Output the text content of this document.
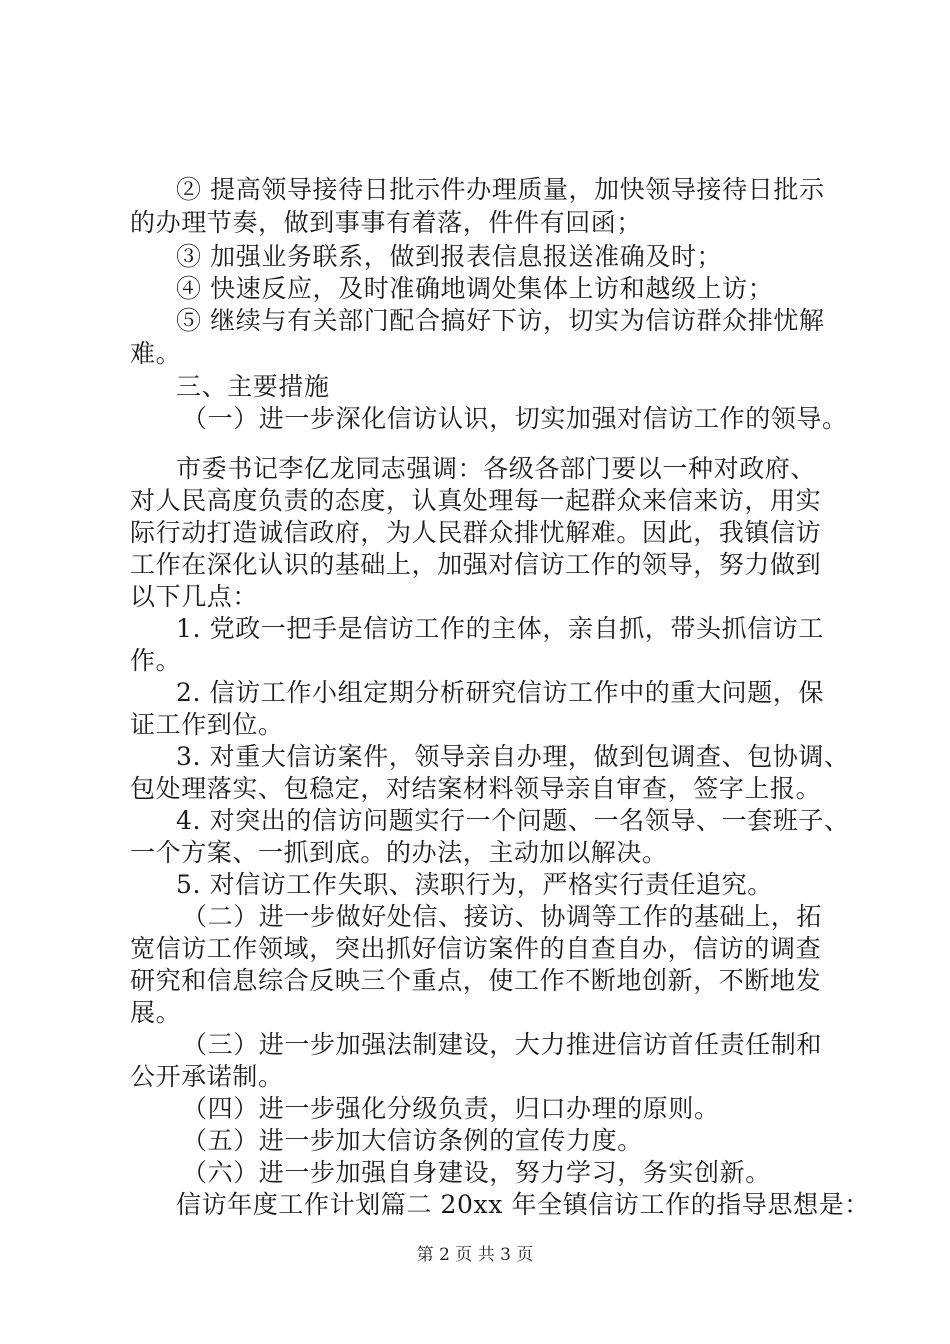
② 提高领导接待日批示件办理质量，加快领导接待日批示
的办理节奏，做到事事有着落，件件有回函；
③ 加强业务联系，做到报表信息报送准确及时；
④ 快速反应，及时准确地调处集体上访和越级上访；
⑤ 继续与有关部门配合搞好下访，切实为信访群众排忧解
难。
三、主要措施
（一）进一步深化信访认识，切实加强对信访工作的领导。
市委书记李亿龙同志强调：各级各部门要以一种对政府、
对人民高度负责的态度，认真处理每一起群众来信来访，用实
际行动打造诚信政府，为人民群众排忧解难。因此，我镇信访
工作在深化认识的基础上，加强对信访工作的领导，努力做到
以下几点：
1. 党政一把手是信访工作的主体，亲自抓，带头抓信访工
作。
2. 信访工作小组定期分析研究信访工作中的重大问题，保
证工作到位。
3. 对重大信访案件，领导亲自办理，做到包调查、包协调、
包处理落实、包稳定，对结案材料领导亲自审查，签字上报。
4. 对突出的信访问题实行一个问题、一名领导、一套班子、
一个方案、一抓到底。的办法，主动加以解决。
5. 对信访工作失职、渎职行为，严格实行责任追究。
（二）进一步做好处信、接访、协调等工作的基础上，拓
宽信访工作领域，突出抓好信访案件的自查自办，信访的调查
研究和信息综合反映三个重点，使工作不断地创新，不断地发
展。
（三）进一步加强法制建设，大力推进信访首任责任制和
公开承诺制。
（四）进一步强化分级负责，归口办理的原则。
（五）进一步加大信访条例的宣传力度。
（六）进一步加强自身建设，努力学习，务实创新。
信访年度工作计划篇二 20xx 年全镇信访工作的指导思想是：
第 2 页 共 3 页
